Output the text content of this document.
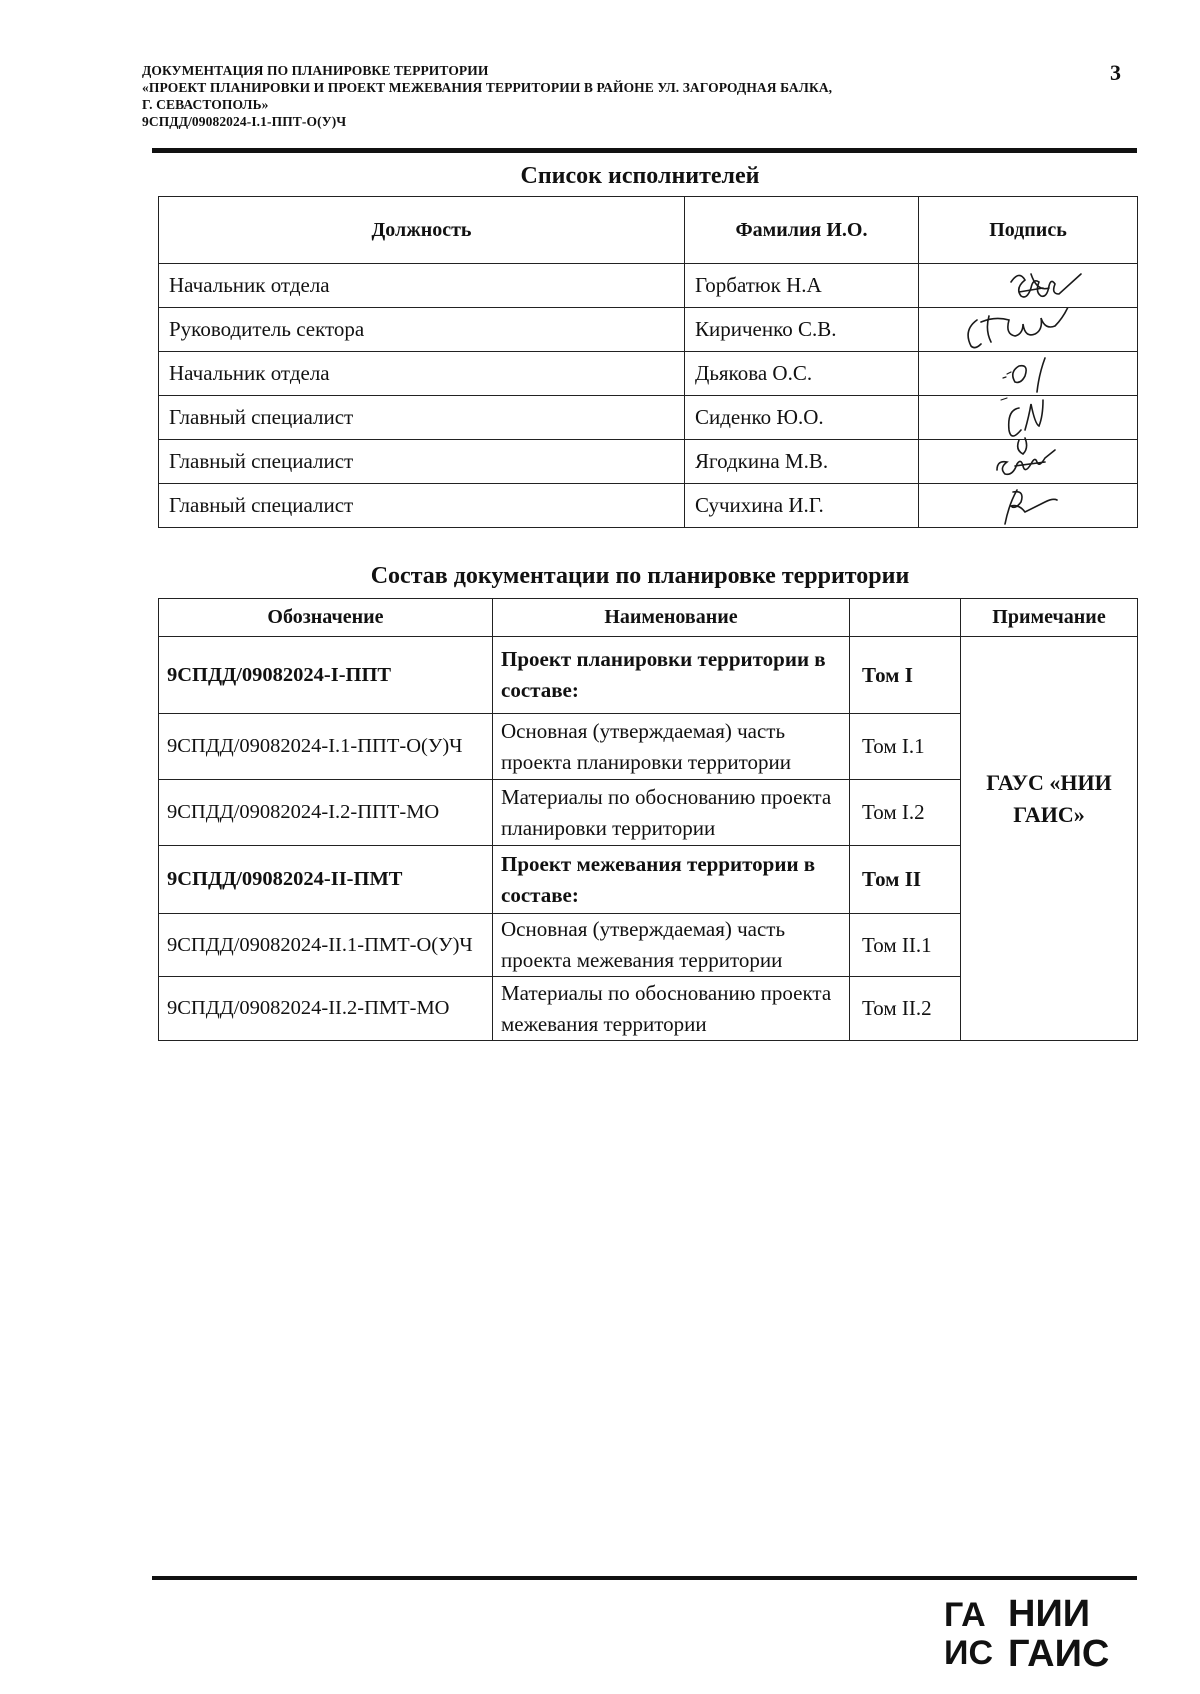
ДОКУМЕНТАЦИЯ ПО ПЛАНИРОВКЕ ТЕРРИТОРИИ
«ПРОЕКТ ПЛАНИРОВКИ И ПРОЕКТ МЕЖЕВАНИЯ ТЕРРИТОРИИ В РАЙОНЕ УЛ. ЗАГОРОДНАЯ БАЛКА,
Г. СЕВАСТОПОЛЬ»
9СПДД/09082024-I.1-ППТ-О(У)Ч
3
Список исполнителей
Должность	Фамилия И.О.	Подпись
Начальник отдела	Горбатюк Н.А	

Руководитель сектора	Кириченко С.В.	

Начальник отдела	Дьякова О.С.	

Главный специалист	Сиденко Ю.О.	

Главный специалист	Ягодкина М.В.	

Главный специалист	Сучихина И.Г.	
Состав документации по планировке территории
Обозначение	Наименование		Примечание
9СПДД/09082024-I-ППТ	Проект планировки территории в составе:	Том I	ГАУС «НИИ ГАИС»
9СПДД/09082024-I.1-ППТ-О(У)Ч	Основная (утверждаемая) часть проекта планировки территории	Том I.1	
9СПДД/09082024-I.2-ППТ-МО	Материалы по обоснованию проекта планировки территории	Том I.2	
9СПДД/09082024-II-ПМТ	Проект межевания территории в составе:	Том II	
9СПДД/09082024-II.1-ПМТ-О(У)Ч	Основная (утверждаемая) часть проекта межевания территории	Том II.1	
9СПДД/09082024-II.2-ПМТ-МО	Материалы по обоснованию проекта межевания территории	Том II.2	
ГА
ИС
НИИ
ГАИС
